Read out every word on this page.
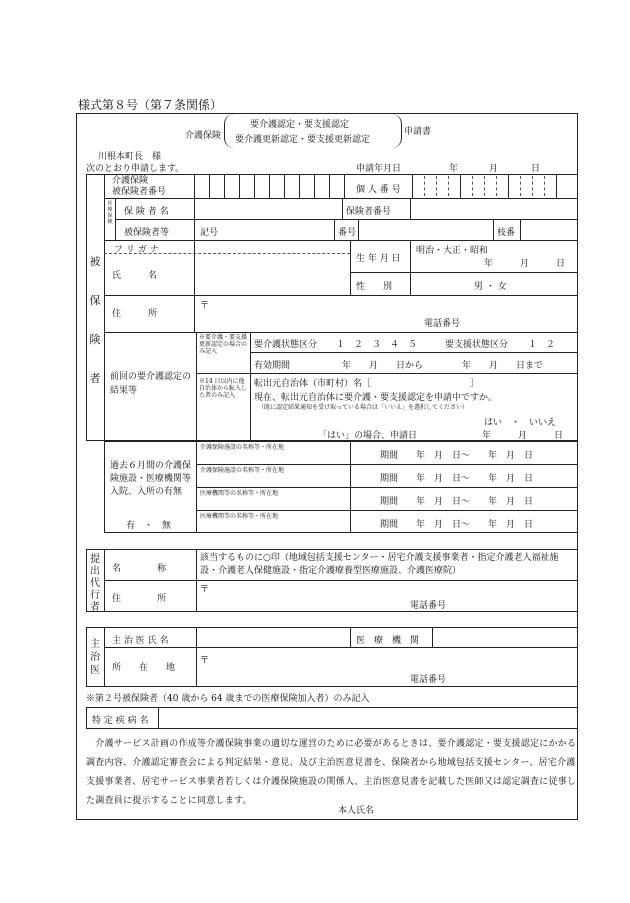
様式第８号（第７条関係）
介護保険
要介護認定・要支援認定
要介護更新認定・要支援更新認定
申請書
川根本町長　様
次のとおり申請します。	申請年月日	年	月	日
被

保

険

者
介護保険
被保険者番号	個 人 番 号
医
療
保
険
保 険 者 名	保険者番号
被保険者等	記号	番号	枝番
フ リ ガ ナ
氏　　　名
生 年 月 日
明治・大正・昭和
年　　　月　　　日
性　　別	男 ・ 女
住　　　所
〒
電話番号
前回の要介護認定の結果等
※要介護・要支援更新認定の場合のみ記入
要介護状態区分 １　２　３　４　５	要支援状態区分 １　２
有効期間	年　　月　　日から	年　　月　　日まで
※14 日以内に他自治体から転入した者のみ記入
転出元自治体（市町村）名［　　　　　　　　　　　］
現在、転出元自治体に要介護・要支援認定を申請中ですか。
（既に認定結果通知を受け取っている場合は「いいえ」を選択してください）
はい　・　いいえ
「はい」の場合、申請日	年　　　月　　　日
過去６月間の介護保険施設・医療機関等入院、入所の有無
有　・　無
介護保険施設の名称等・所在地
期間　　年　月　日～　　年　月　日
介護保険施設の名称等・所在地
期間　　年　月　日～　　年　月　日
医療機関等の名称等・所在地
期間　　年　月　日～　　年　月　日
医療機関等の名称等・所在地
期間　　年　月　日～　　年　月　日
提
出
代
行
者
名　　　　称
該当するものに○印（地域包括支援センター・居宅介護支援事業者・指定介護老人福祉施設・介護老人保健施設・指定介護療養型医療施設、介護医療院）
住　　　　所
〒
電話番号
主
治
医
主 治 医 氏 名	医　療　機　関
所　　在　　地
〒
電話番号
※第２号被保険者（40 歳から 64 歳までの医療保険加入者）のみ記入
特 定 疾 病 名
　介護サービス計画の作成等介護保険事業の適切な運営のために必要があるときは、要介護認定・要支援認定にかかる調査内容、介護認定審査会による判定結果・意見、及び主治医意見書を、保険者から地域包括支援センター、居宅介護支援事業者、居宅サービス事業者若しくは介護保険施設の関係人、主治医意見書を記載した医師又は認定調査に従事した調査員に提示することに同意します。
本人氏名
